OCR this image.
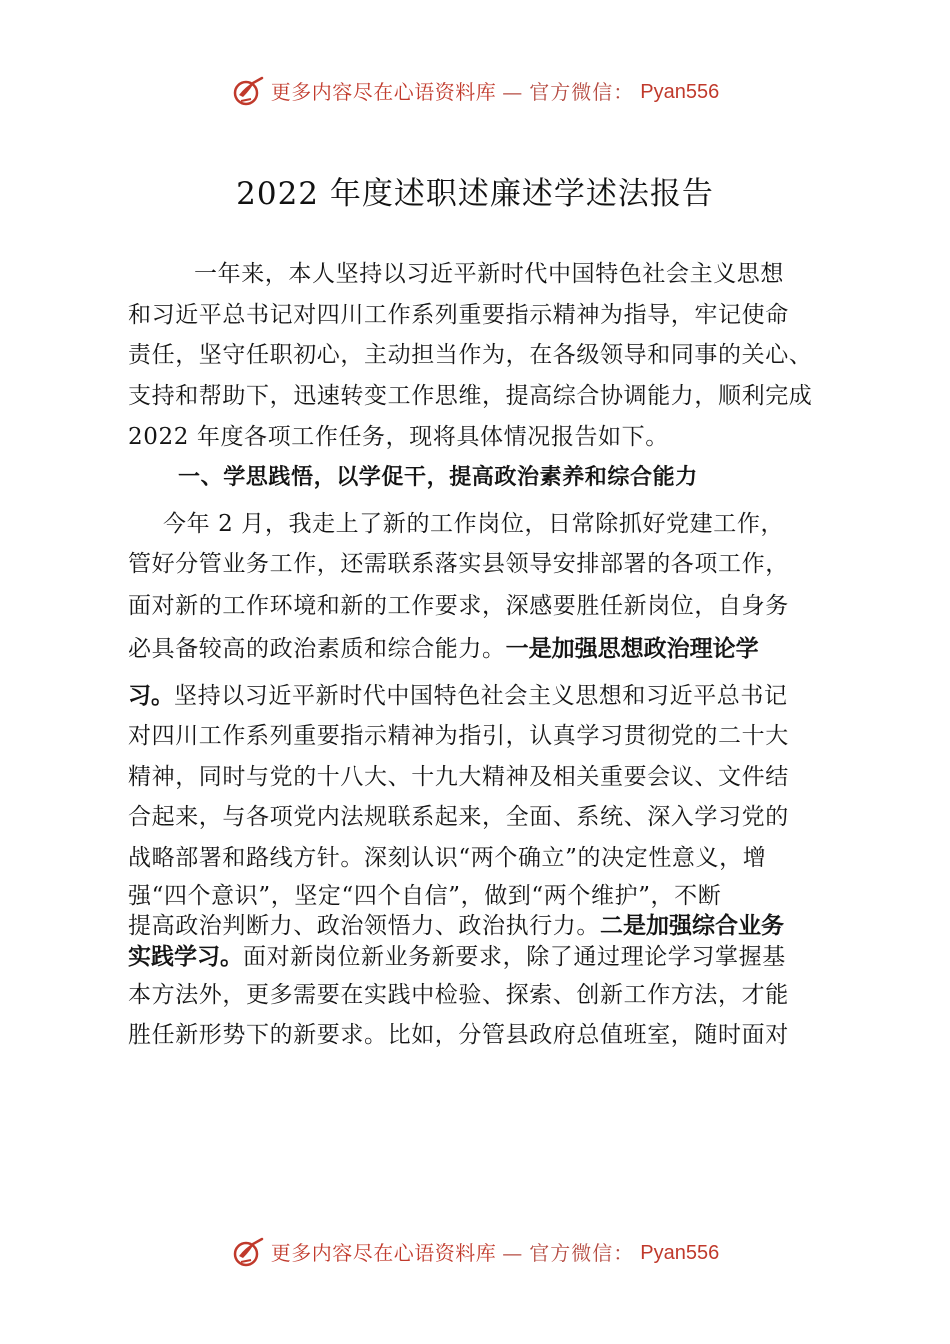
更多内容尽在心语资料库 — 官方微信： Pyan556
2022 年度述职述廉述学述法报告
一年来，本人坚持以习近平新时代中国特色社会主义思想
和习近平总书记对四川工作系列重要指示精神为指导，牢记使命
责任，坚守任职初心，主动担当作为，在各级领导和同事的关心、
支持和帮助下，迅速转变工作思维，提高综合协调能力，顺利完成
2022 年度各项工作任务，现将具体情况报告如下。
一、学思践悟，以学促干，提高政治素养和综合能力
今年 2 月，我走上了新的工作岗位，日常除抓好党建工作，
管好分管业务工作，还需联系落实县领导安排部署的各项工作，
面对新的工作环境和新的工作要求，深感要胜任新岗位，自身务
必具备较高的政治素质和综合能力。一是加强思想政治理论学
习。坚持以习近平新时代中国特色社会主义思想和习近平总书记
对四川工作系列重要指示精神为指引，认真学习贯彻党的二十大
精神，同时与党的十八大、十九大精神及相关重要会议、文件结
合起来，与各项党内法规联系起来，全面、系统、深入学习党的
战略部署和路线方针。深刻认识“两个确立”的决定性意义，增
强“四个意识”，坚定“四个自信”，做到“两个维护”，不断
提高政治判断力、政治领悟力、政治执行力。二是加强综合业务
实践学习。面对新岗位新业务新要求，除了通过理论学习掌握基
本方法外，更多需要在实践中检验、探索、创新工作方法，才能
胜任新形势下的新要求。比如，分管县政府总值班室，随时面对
更多内容尽在心语资料库 — 官方微信： Pyan556
